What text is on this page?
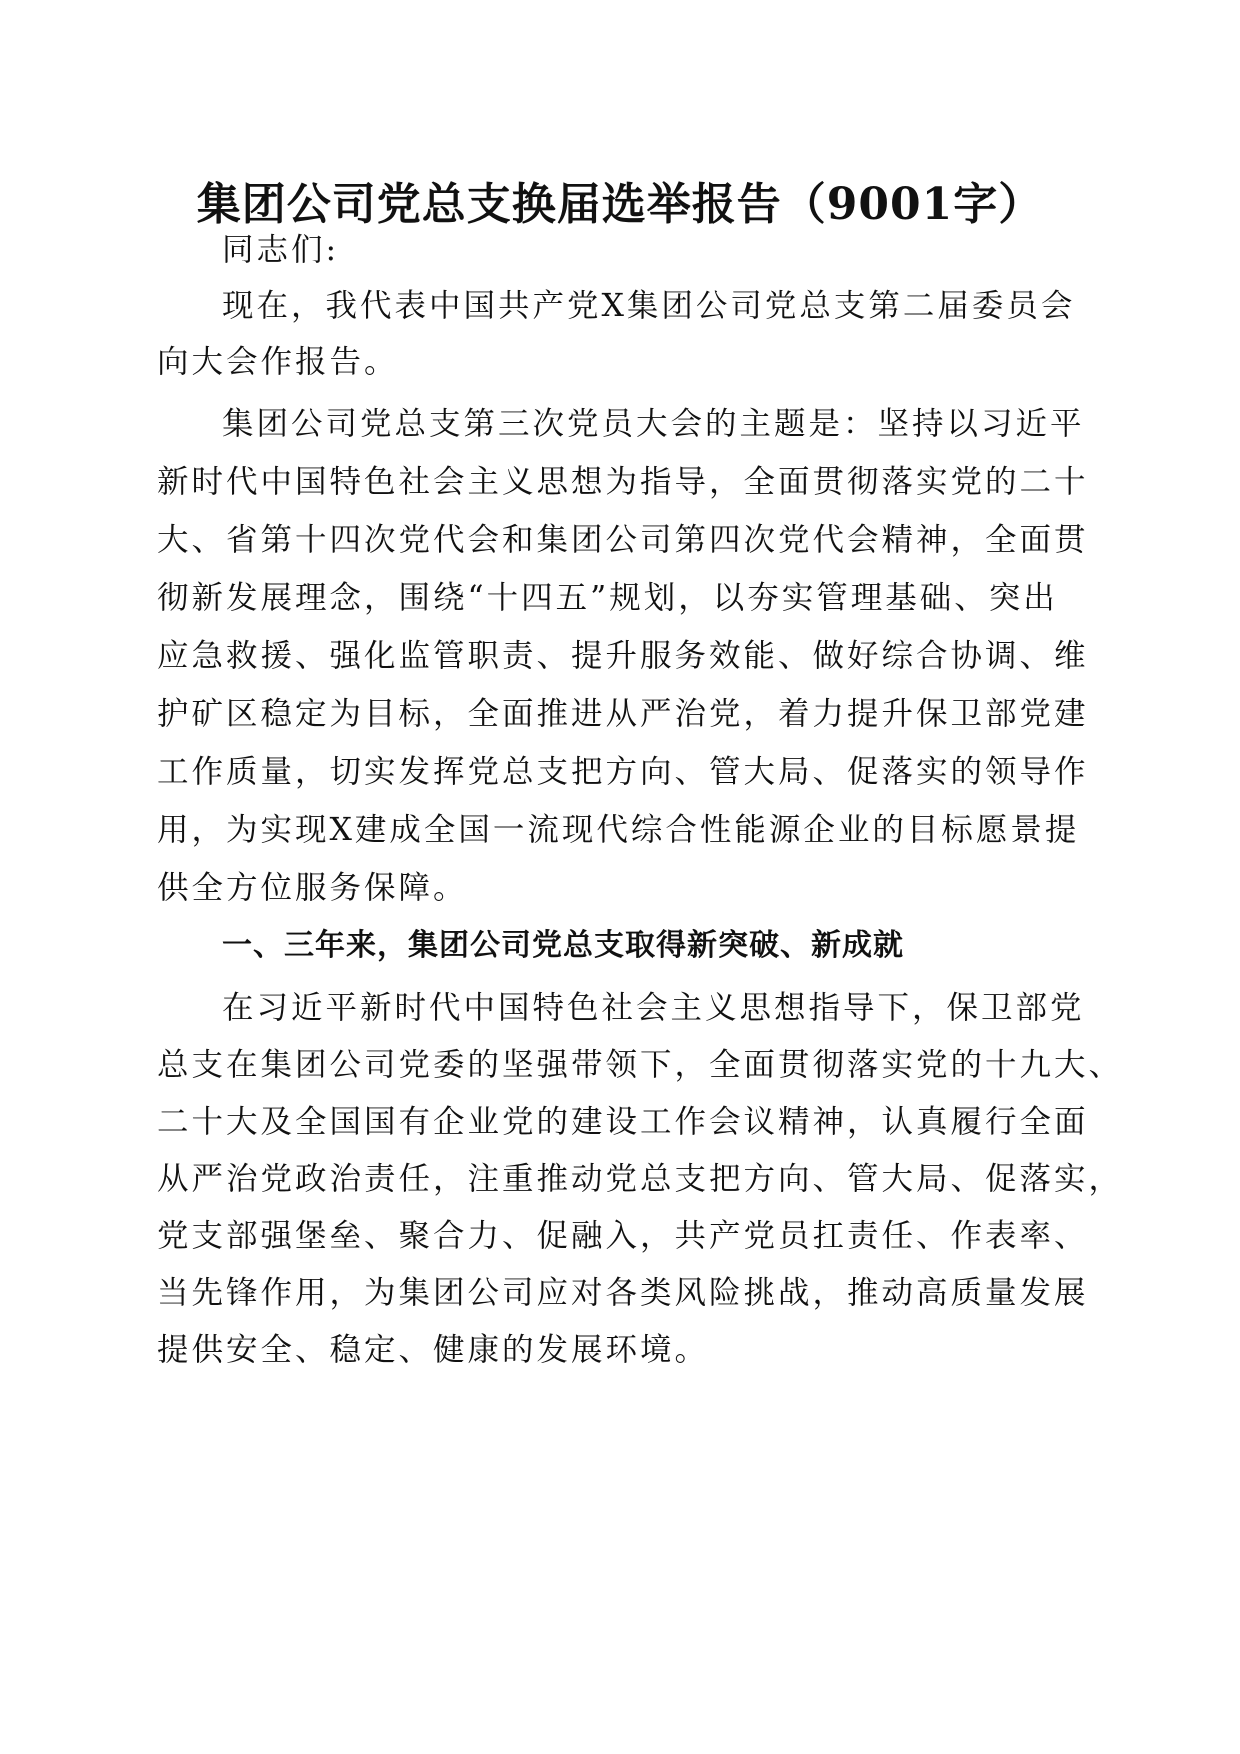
集团公司党总支换届选举报告（9001字）

同志们:

现在，我代表中国共产党X集团公司党总支第二届委员会

向大会作报告。

集团公司党总支第三次党员大会的主题是：坚持以习近平

新时代中国特色社会主义思想为指导，全面贯彻落实党的二十

大、省第十四次党代会和集团公司第四次党代会精神，全面贯

彻新发展理念，围绕“十四五”规划，以夯实管理基础、突出

应急救援、强化监管职责、提升服务效能、做好综合协调、维

护矿区稳定为目标，全面推进从严治党，着力提升保卫部党建

工作质量，切实发挥党总支把方向、管大局、促落实的领导作

用，为实现X建成全国一流现代综合性能源企业的目标愿景提

供全方位服务保障。

一、三年来，集团公司党总支取得新突破、新成就

在习近平新时代中国特色社会主义思想指导下，保卫部党

总支在集团公司党委的坚强带领下，全面贯彻落实党的十九大、

二十大及全国国有企业党的建设工作会议精神，认真履行全面

从严治党政治责任，注重推动党总支把方向、管大局、促落实，

党支部强堡垒、聚合力、促融入，共产党员扛责任、作表率、

当先锋作用，为集团公司应对各类风险挑战，推动高质量发展

提供安全、稳定、健康的发展环境。
